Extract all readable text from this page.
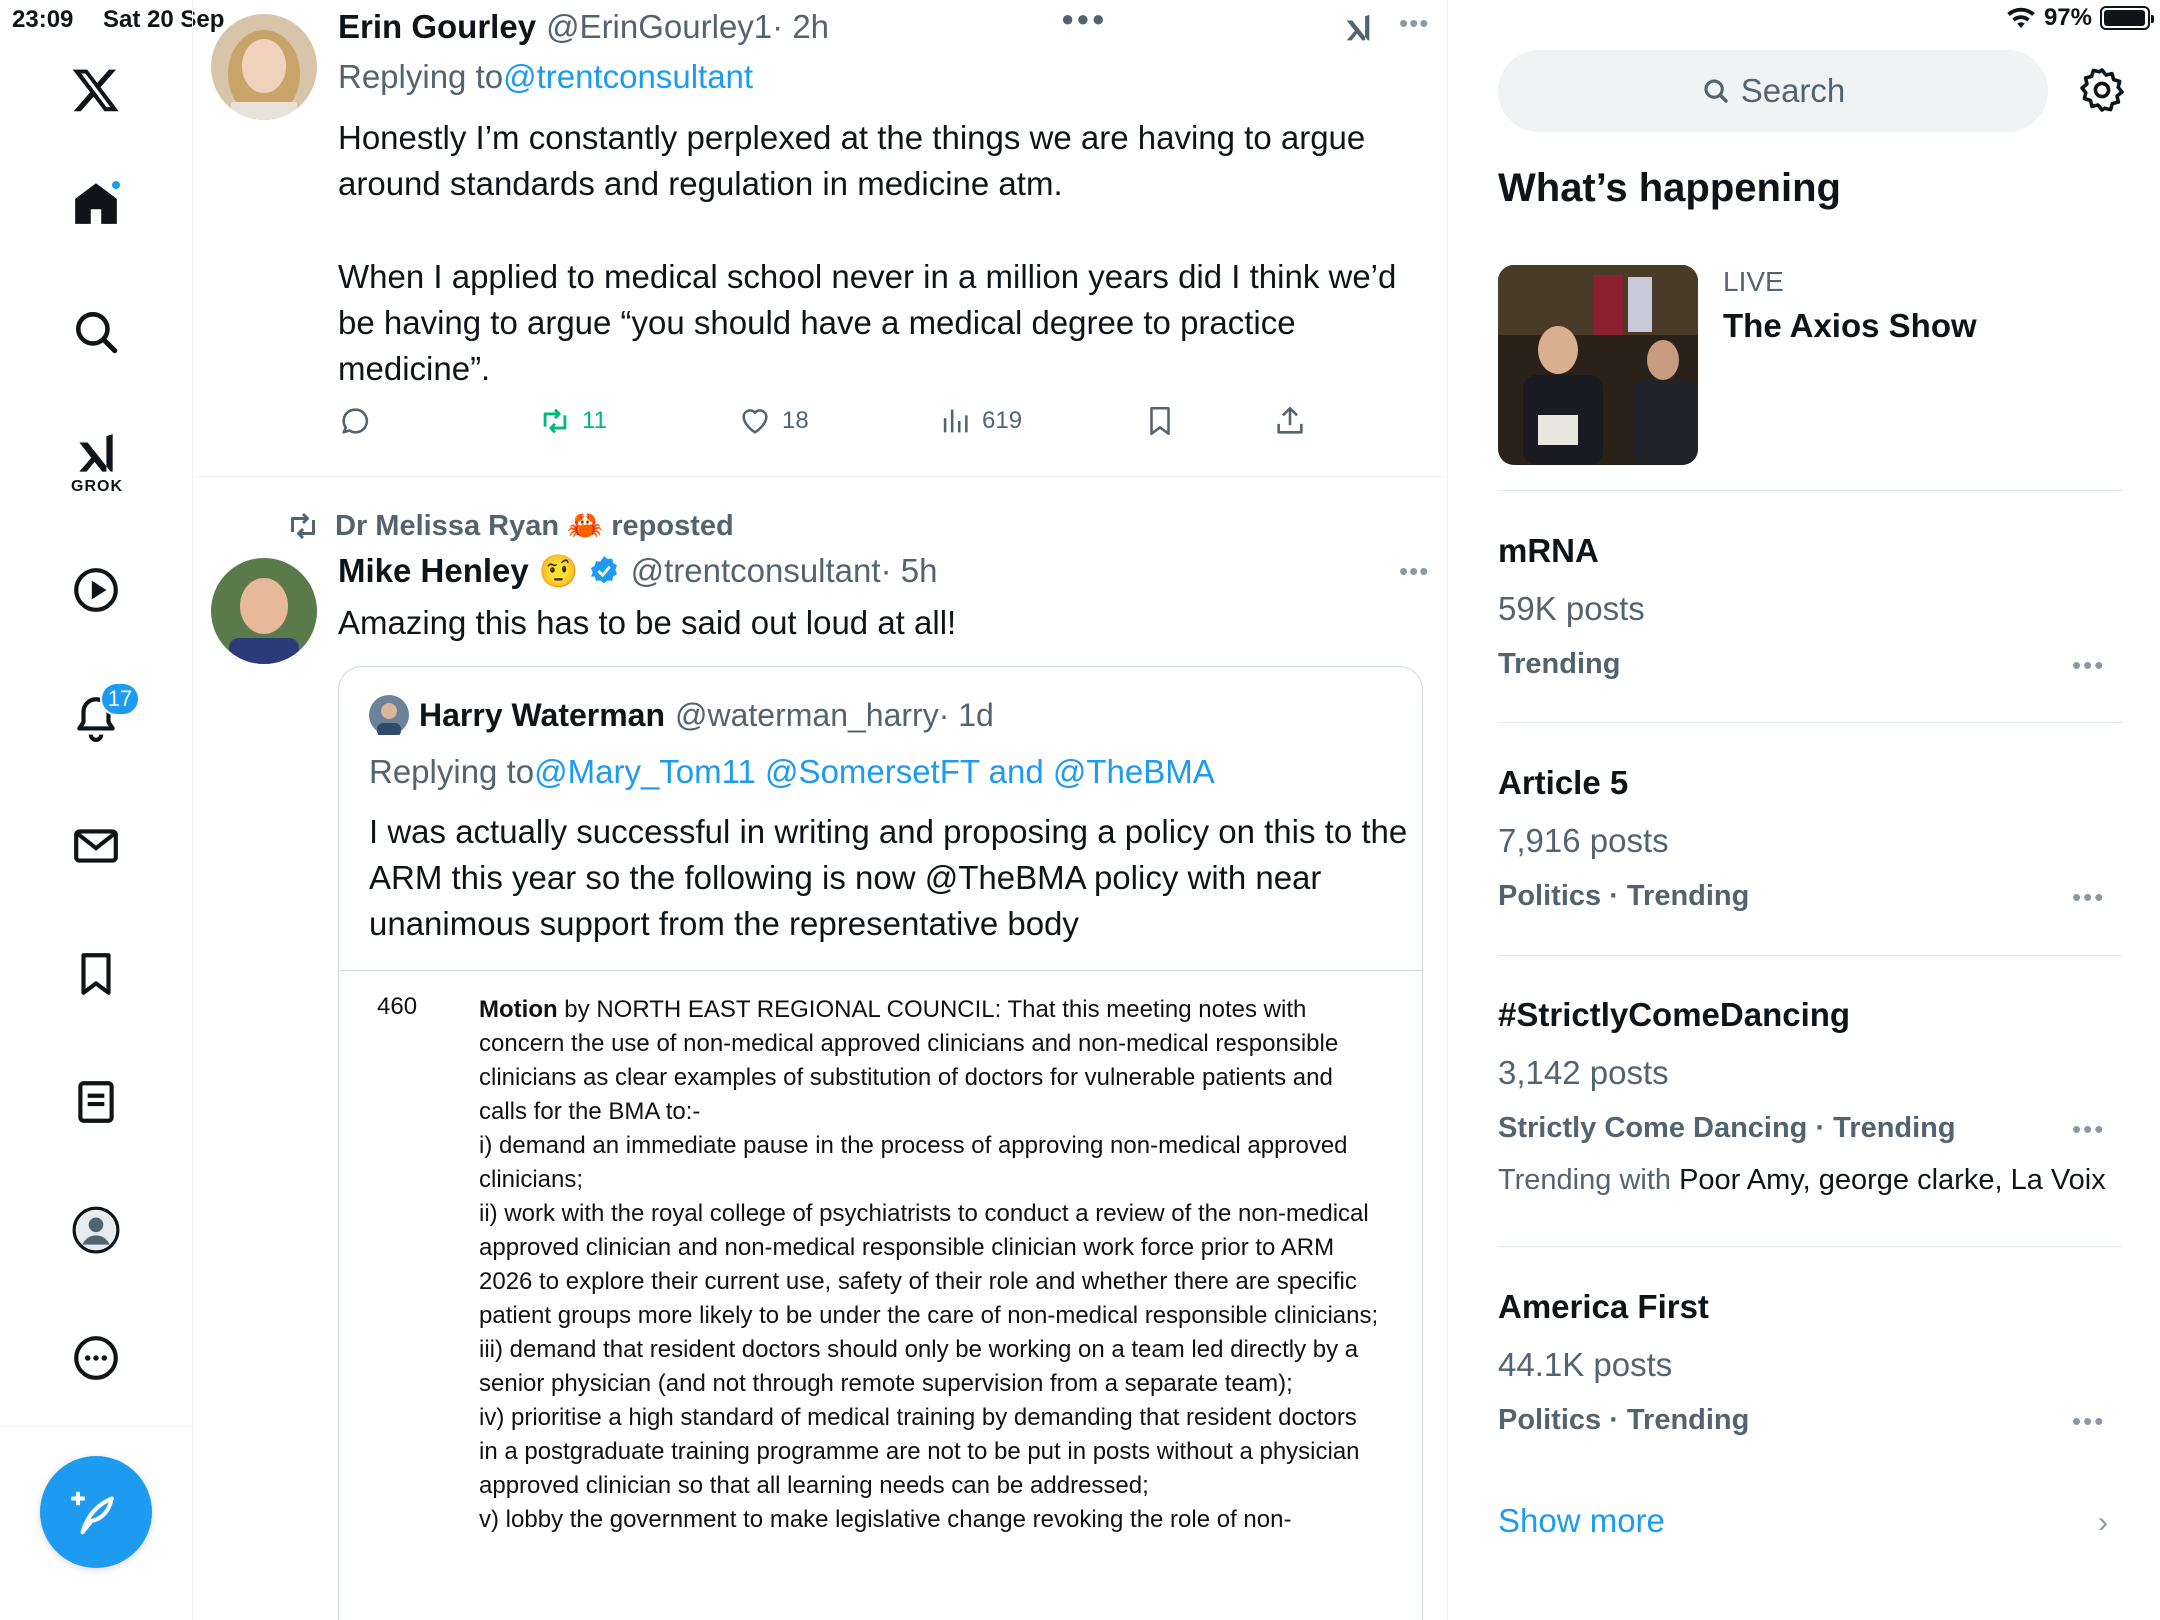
23:09 Sat 20 Sep	97%
GROK
17
Erin Gourley @ErinGourley1 · 2h	•••
●●●
Replying to @trentconsultant
Honestly I’m constantly perplexed at the things we are having to argue around standards and regulation in medicine atm.
When I applied to medical school never in a million years did I think we’d be having to argue “you should have a medical degree to practice medicine”.
11	18	619
Dr Melissa Ryan 🦀 reposted
Mike Henley 🤨 @trentconsultant · 5h	•••
Amazing this has to be said out loud at all!
Harry Waterman @waterman_harry · 1d
Replying to @Mary_Tom11 @SomersetFT and @TheBMA
I was actually successful in writing and proposing a policy on this to the ARM this year so the following is now @TheBMA policy with near unanimous support from the representative body
460	Motion by NORTH EAST REGIONAL COUNCIL: That this meeting notes with concern the use of non-medical approved clinicians and non-medical responsible clinicians as clear examples of substitution of doctors for vulnerable patients and calls for the BMA to:-
i) demand an immediate pause in the process of approving non-medical approved clinicians;
ii) work with the royal college of psychiatrists to conduct a review of the non-medical approved clinician and non-medical responsible clinician work force prior to ARM 2026 to explore their current use, safety of their role and whether there are specific patient groups more likely to be under the care of non-medical responsible clinicians;
iii) demand that resident doctors should only be working on a team led directly by a senior physician (and not through remote supervision from a separate team);
iv) prioritise a high standard of medical training by demanding that resident doctors in a postgraduate training programme are not to be put in posts without a physician approved clinician so that all learning needs can be addressed;
v) lobby the government to make legislative change revoking the role of non-
Search
What’s happening
LIVE
The Axios Show
mRNA
59K posts
Trending	•••
Article 5
7,916 posts
Politics · Trending	•••
#StrictlyComeDancing
3,142 posts
Strictly Come Dancing · Trending	•••
Trending with Poor Amy, george clarke, La Voix
America First
44.1K posts
Politics · Trending	•••
Show more	›
